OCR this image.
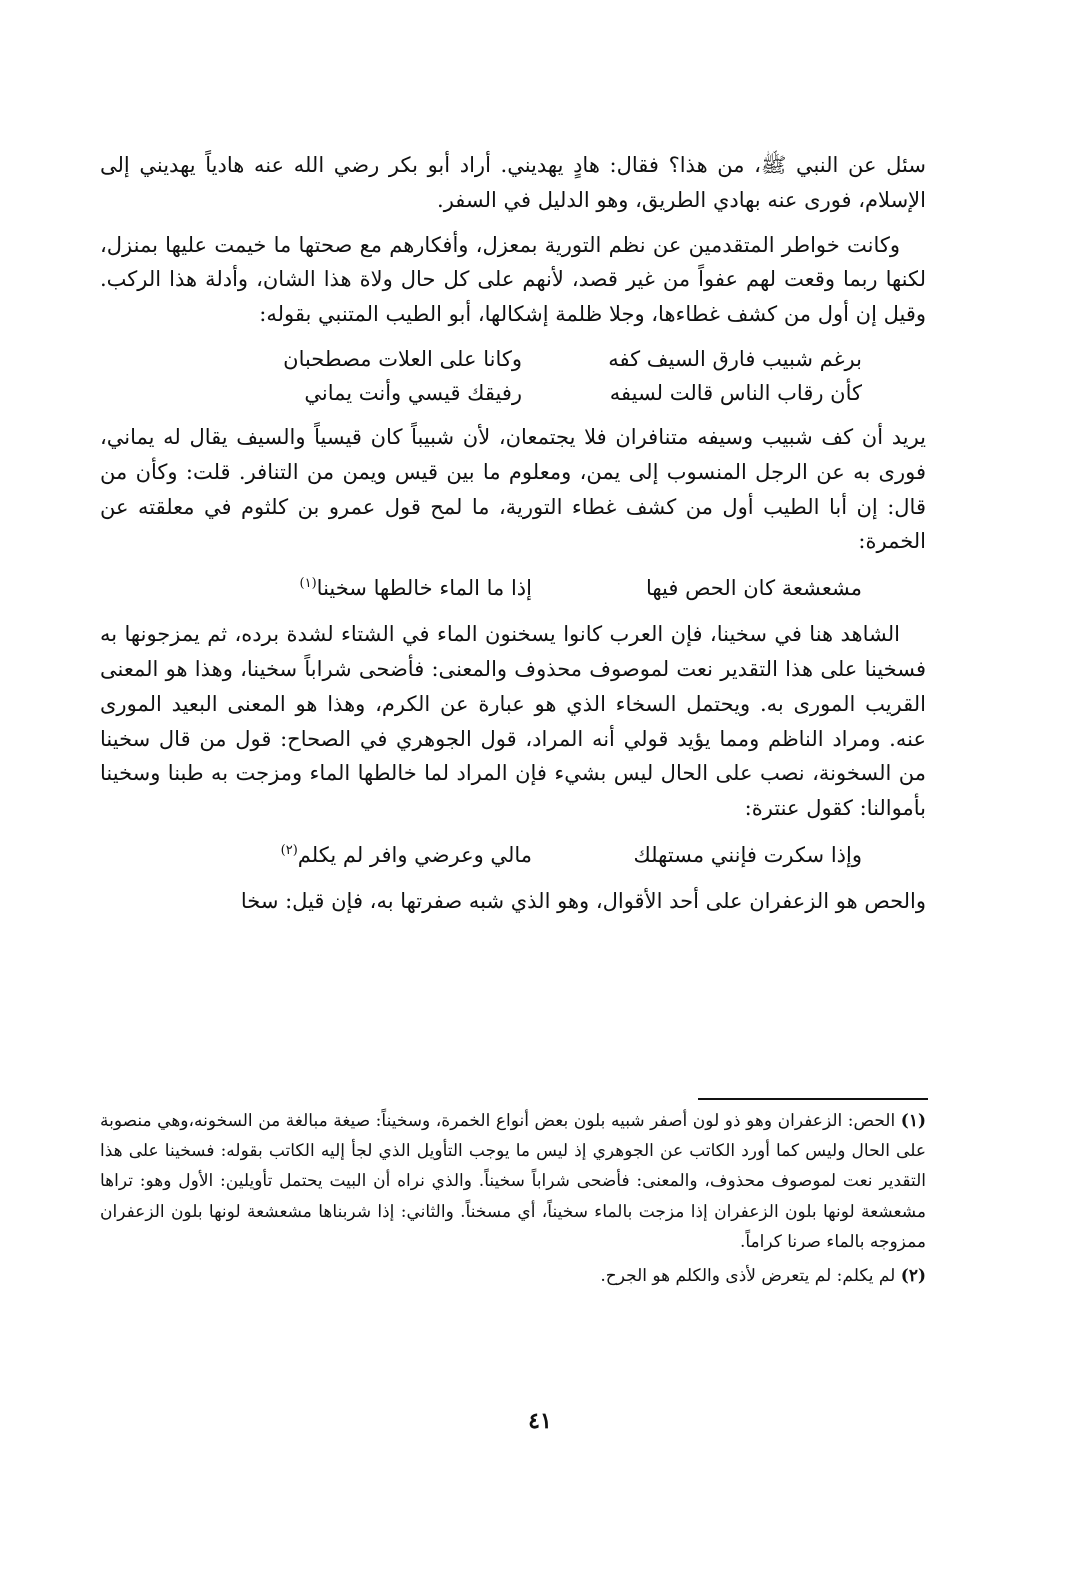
سئل عن النبي ﷺ، من هذا؟ فقال: هادٍ يهديني. أراد أبو بكر رضي الله عنه هادياً يهديني إلى الإسلام، فورى عنه بهادي الطريق، وهو الدليل في السفر.

وكانت خواطر المتقدمين عن نظم التورية بمعزل، وأفكارهم مع صحتها ما خيمت عليها بمنزل، لكنها ربما وقعت لهم عفواً من غير قصد، لأنهم على كل حال ولاة هذا الشان، وأدلة هذا الركب. وقيل إن أول من كشف غطاءها، وجلا ظلمة إشكالها، أبو الطيب المتنبي بقوله:

برغم شبيب فارق السيف كفه
وكانا على العلات مصطحبان
كأن رقاب الناس قالت لسيفه
رفيقك قيسي وأنت يماني

يريد أن كف شبيب وسيفه متنافران فلا يجتمعان، لأن شبيباً كان قيسياً والسيف يقال له يماني، فورى به عن الرجل المنسوب إلى يمن، ومعلوم ما بين قيس ويمن من التنافر. قلت: وكأن من قال: إن أبا الطيب أول من كشف غطاء التورية، ما لمح قول عمرو بن كلثوم في معلقته عن الخمرة:

مشعشعة كان الحص فيها
إذا ما الماء خالطها سخينا$^{(١)}$

الشاهد هنا في سخينا، فإن العرب كانوا يسخنون الماء في الشتاء لشدة برده، ثم يمزجونها به فسخينا على هذا التقدير نعت لموصوف محذوف والمعنى: فأضحى شراباً سخينا، وهذا هو المعنى القريب المورى به. ويحتمل السخاء الذي هو عبارة عن الكرم، وهذا هو المعنى البعيد المورى عنه. ومراد الناظم ومما يؤيد قولي أنه المراد، قول الجوهري في الصحاح: قول من قال سخينا من السخونة، نصب على الحال ليس بشيء فإن المراد لما خالطها الماء ومزجت به طبنا وسخينا بأموالنا: كقول عنترة:

وإذا سكرت فإنني مستهلك
مالي وعرضي وافر لم يكلم$^{(٢)}$

والحص هو الزعفران على أحد الأقوال، وهو الذي شبه صفرتها به، فإن قيل: سخا

(١) الحص: الزعفران وهو ذو لون أصفر شبيه بلون بعض أنواع الخمرة، وسخيناً: صيغة مبالغة من السخونه،وهي منصوبة على الحال وليس كما أورد الكاتب عن الجوهري إذ ليس ما يوجب التأويل الذي لجأ إليه الكاتب بقوله: فسخينا على هذا التقدير نعت لموصوف محذوف، والمعنى: فأضحى شراباً سخيناً. والذي نراه أن البيت يحتمل تأويلين: الأول وهو: تراها مشعشعة لونها بلون الزعفران إذا مزجت بالماء سخيناً، أي مسخناً. والثاني: إذا شربناها مشعشعة لونها بلون الزعفران ممزوجه بالماء صرنا كراماً.

(٢) لم يكلم: لم يتعرض لأذى والكلم هو الجرح.

٤١
